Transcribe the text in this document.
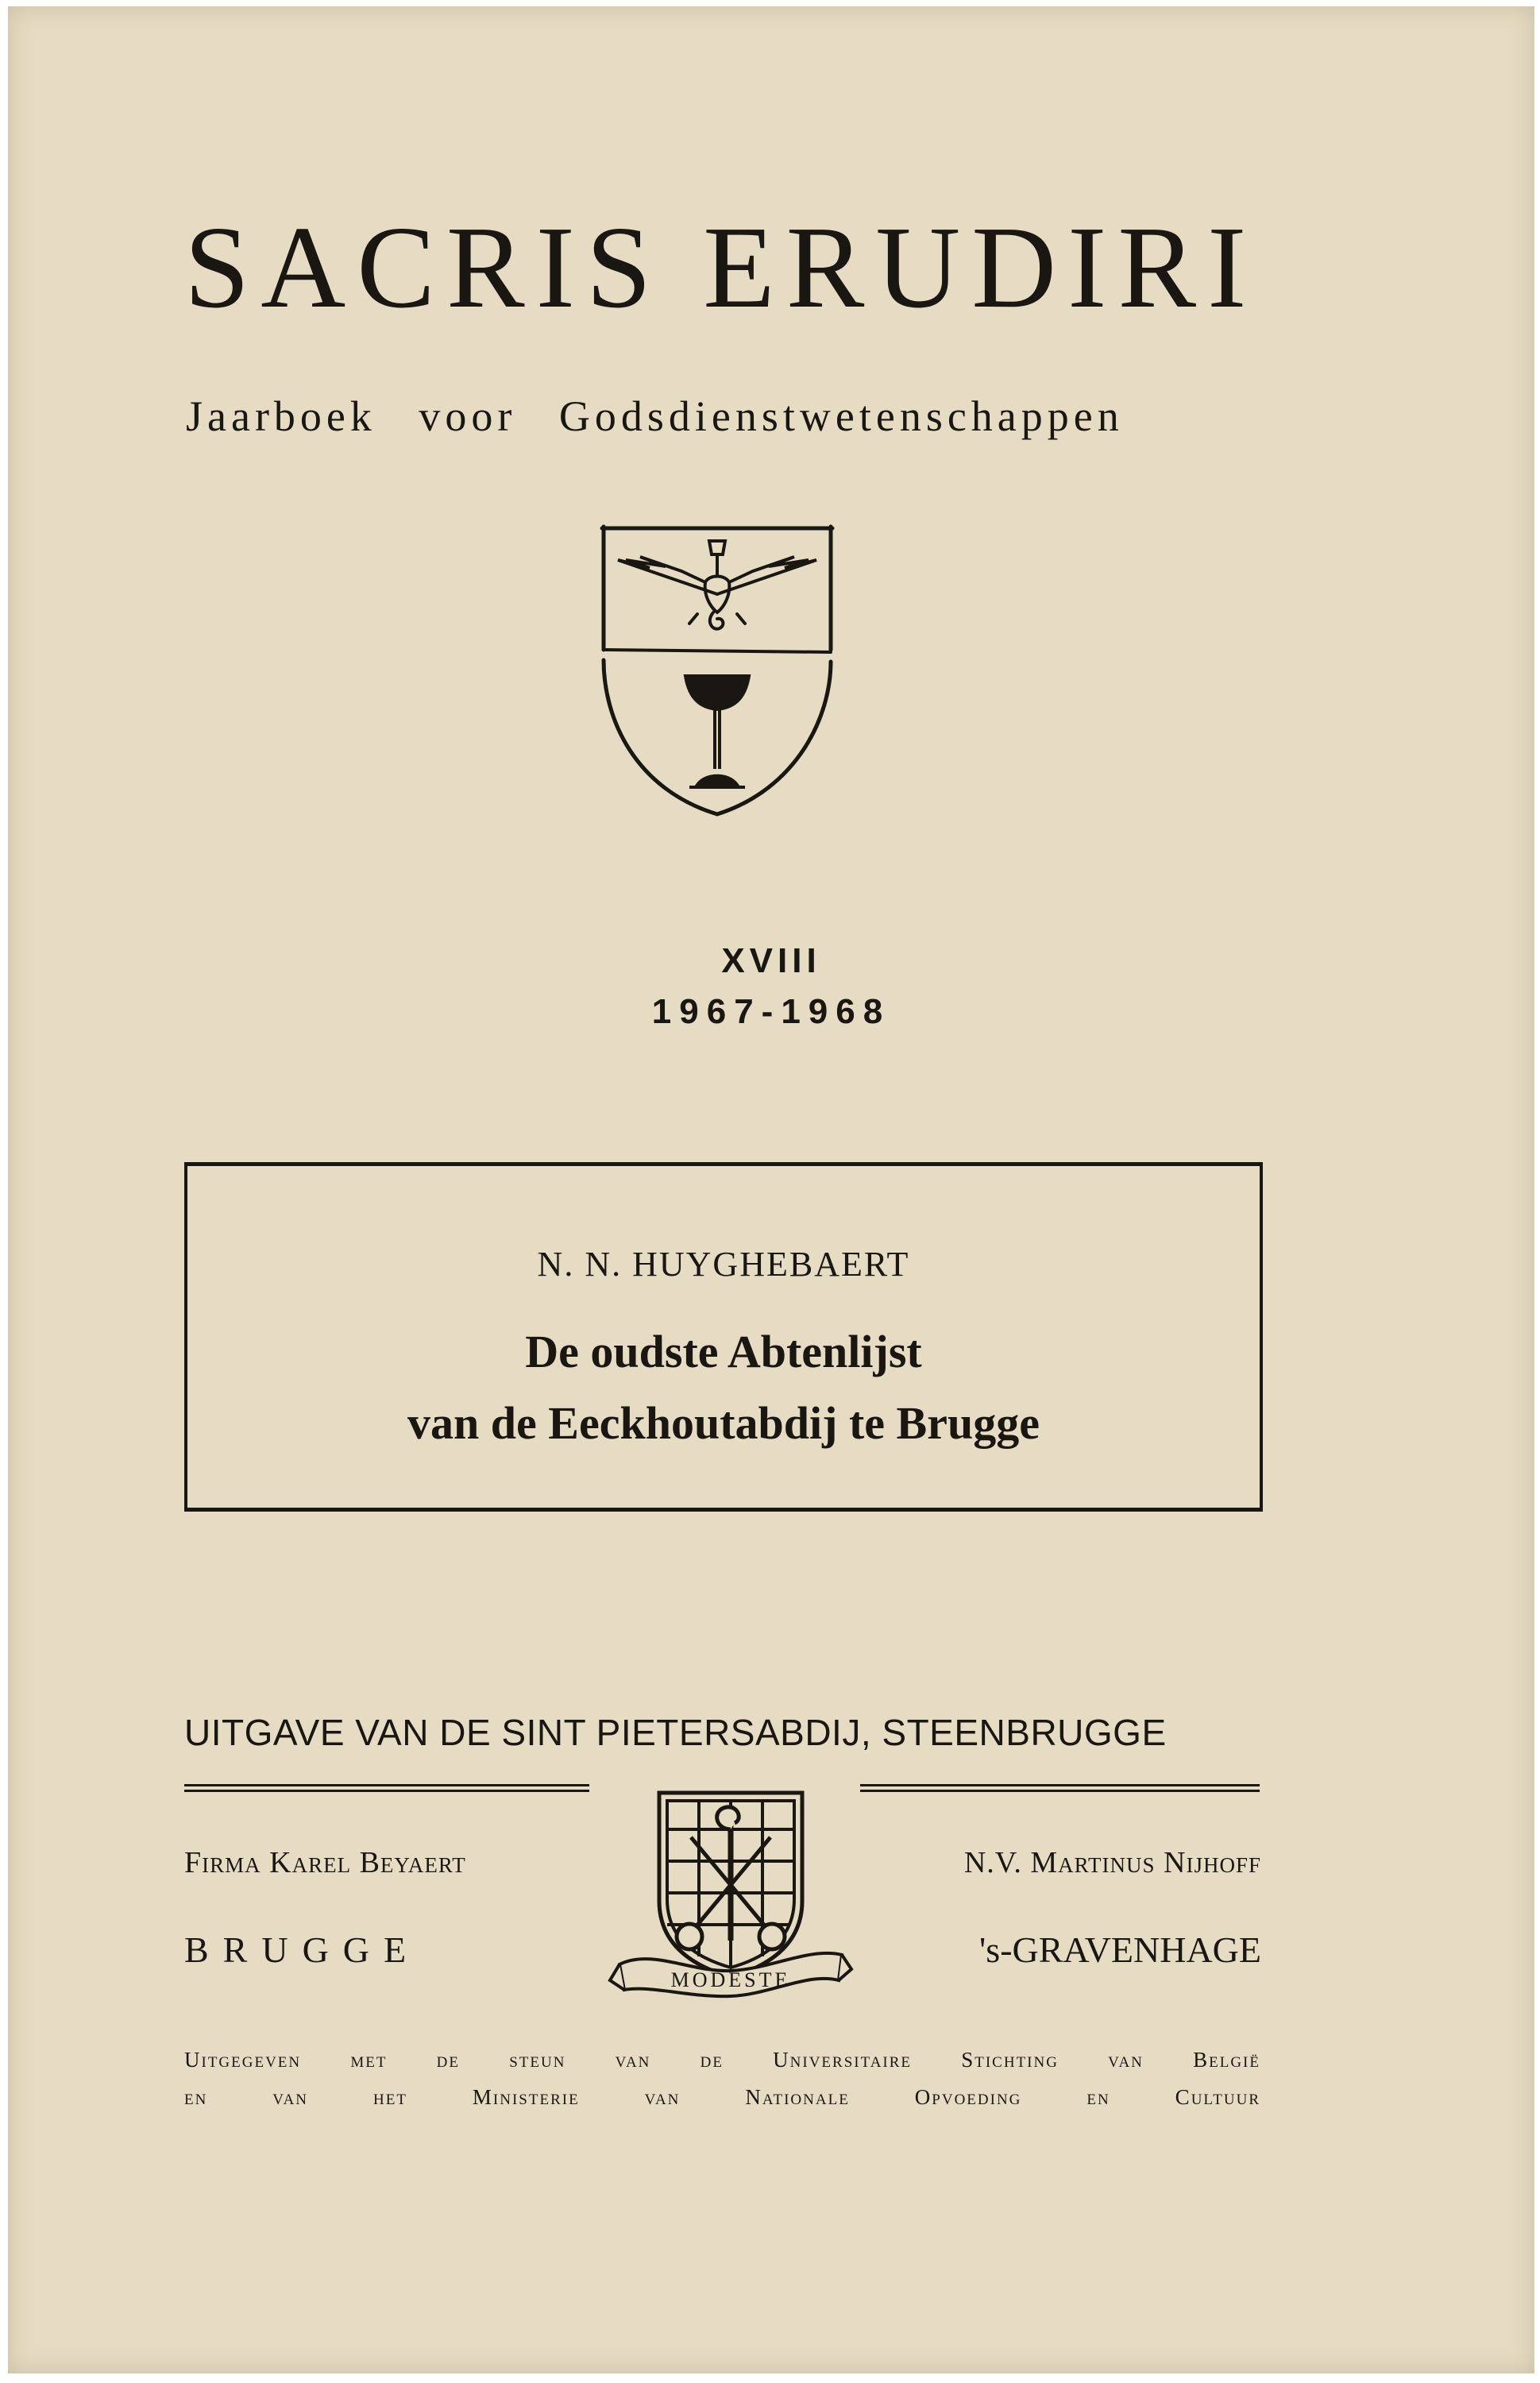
SACRIS ERUDIRI
Jaarboek voor Godsdienstwetenschappen
XVIII
1967-1968
N. N. HUYGHEBAERT
De oudste Abtenlijst
van de Eeckhoutabdij te Brugge
UITGAVE VAN DE SINT PIETERSABDIJ, STEENBRUGGE
Firma Karel Beyaert	N.V. Martinus Nijhoff
BRUGGE	's-GRAVENHAGE
MODESTE
Uitgegeven met de steun van de Universitaire Stichting van België
en van het Ministerie van Nationale Opvoeding en Cultuur
